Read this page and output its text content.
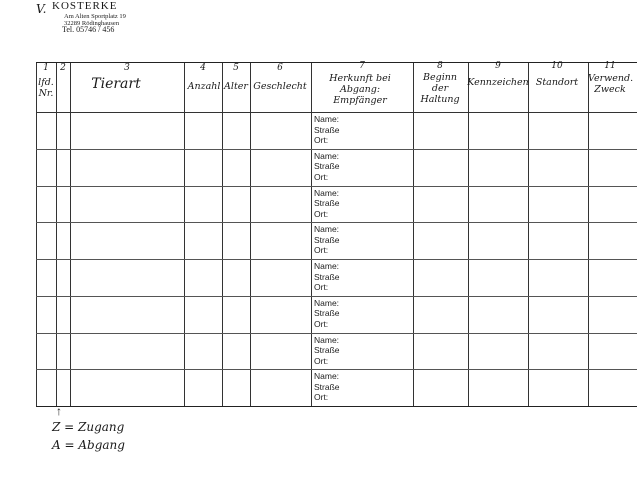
V. KOSTERKE
Am Alten Sportplatz 19
32289 Rödinghausen
Tel. 05746 / 456
1
lfd. Nr.
2	3
Tierart
4
Anzahl
5
Alter
6
Geschlecht
7
Herkunft bei Abgang: Empfänger
8
Beginn der Haltung
9
Kennzeichen
10
Standort
11
Verwend. Zweck
Name:
Straße
Ort:
Name:
Straße
Ort:
Name:
Straße
Ort:
Name:
Straße
Ort:
Name:
Straße
Ort:
Name:
Straße
Ort:
Name:
Straße
Ort:
Name:
Straße
Ort:
↑
Z = Zugang
A = Abgang
